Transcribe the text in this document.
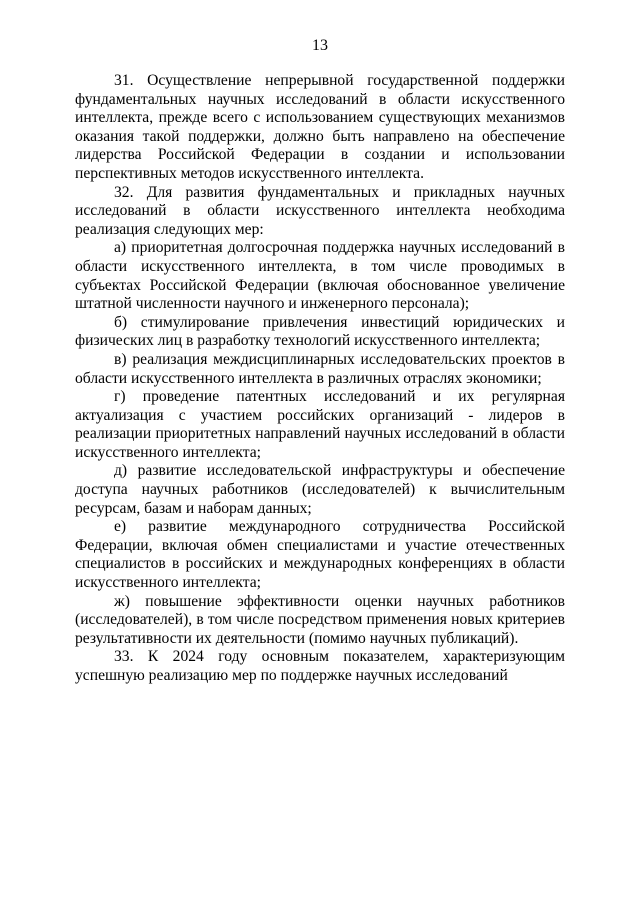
13

31. Осуществление непрерывной государственной поддержки фундаментальных научных исследований в области искусственного интеллекта, прежде всего с использованием существующих механизмов оказания такой поддержки, должно быть направлено на обеспечение лидерства Российской Федерации в создании и использовании перспективных методов искусственного интеллекта.

32. Для развития фундаментальных и прикладных научных исследований в области искусственного интеллекта необходима реализация следующих мер:

а) приоритетная долгосрочная поддержка научных исследований в области искусственного интеллекта, в том числе проводимых в субъектах Российской Федерации (включая обоснованное увеличение штатной численности научного и инженерного персонала);

б) стимулирование привлечения инвестиций юридических и физических лиц в разработку технологий искусственного интеллекта;

в) реализация междисциплинарных исследовательских проектов в области искусственного интеллекта в различных отраслях экономики;

г) проведение патентных исследований и их регулярная актуализация с участием российских организаций - лидеров в реализации приоритетных направлений научных исследований в области искусственного интеллекта;

д) развитие исследовательской инфраструктуры и обеспечение доступа научных работников (исследователей) к вычислительным ресурсам, базам и наборам данных;

е) развитие международного сотрудничества Российской Федерации, включая обмен специалистами и участие отечественных специалистов в российских и международных конференциях в области искусственного интеллекта;

ж) повышение эффективности оценки научных работников (исследователей), в том числе посредством применения новых критериев результативности их деятельности (помимо научных публикаций).

33. К 2024 году основным показателем, характеризующим успешную реализацию мер по поддержке научных исследований
